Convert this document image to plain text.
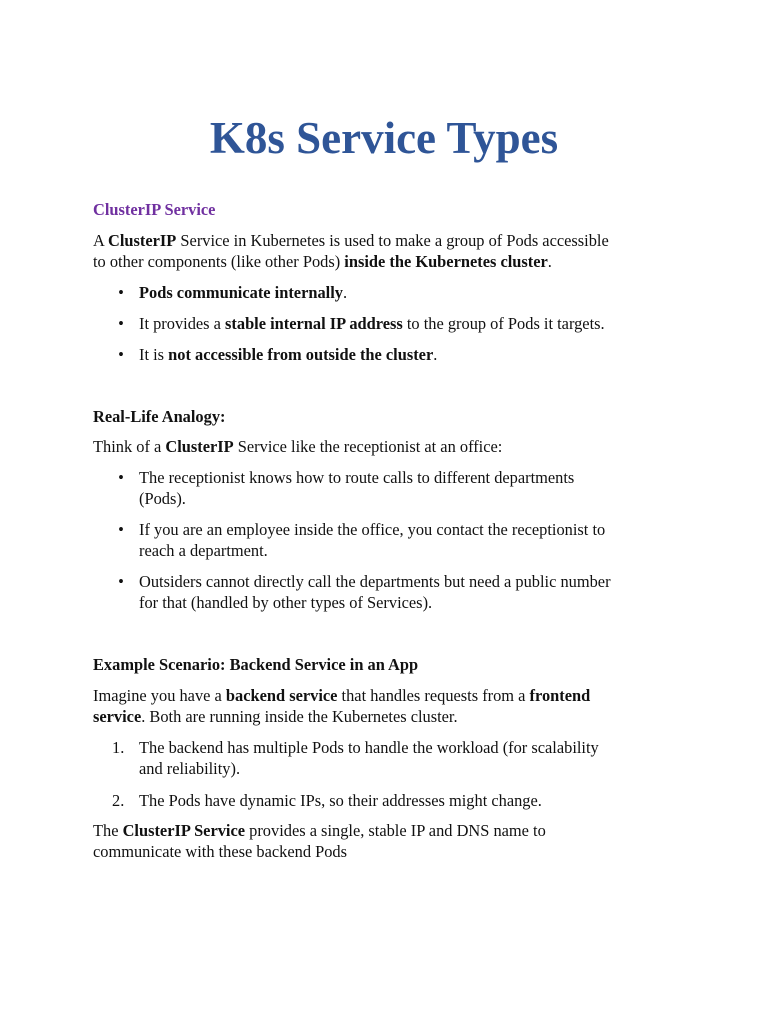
K8s Service Types
ClusterIP Service
A ClusterIP Service in Kubernetes is used to make a group of Pods accessible
to other components (like other Pods) inside the Kubernetes cluster.
• Pods communicate internally.
• It provides a stable internal IP address to the group of Pods it targets.
• It is not accessible from outside the cluster.
Real-Life Analogy:
Think of a ClusterIP Service like the receptionist at an office:
• The receptionist knows how to route calls to different departments
(Pods).
• If you are an employee inside the office, you contact the receptionist to
reach a department.
• Outsiders cannot directly call the departments but need a public number
for that (handled by other types of Services).
Example Scenario: Backend Service in an App
Imagine you have a backend service that handles requests from a frontend
service. Both are running inside the Kubernetes cluster.
1. The backend has multiple Pods to handle the workload (for scalability
and reliability).
2. The Pods have dynamic IPs, so their addresses might change.
The ClusterIP Service provides a single, stable IP and DNS name to
communicate with these backend Pods
